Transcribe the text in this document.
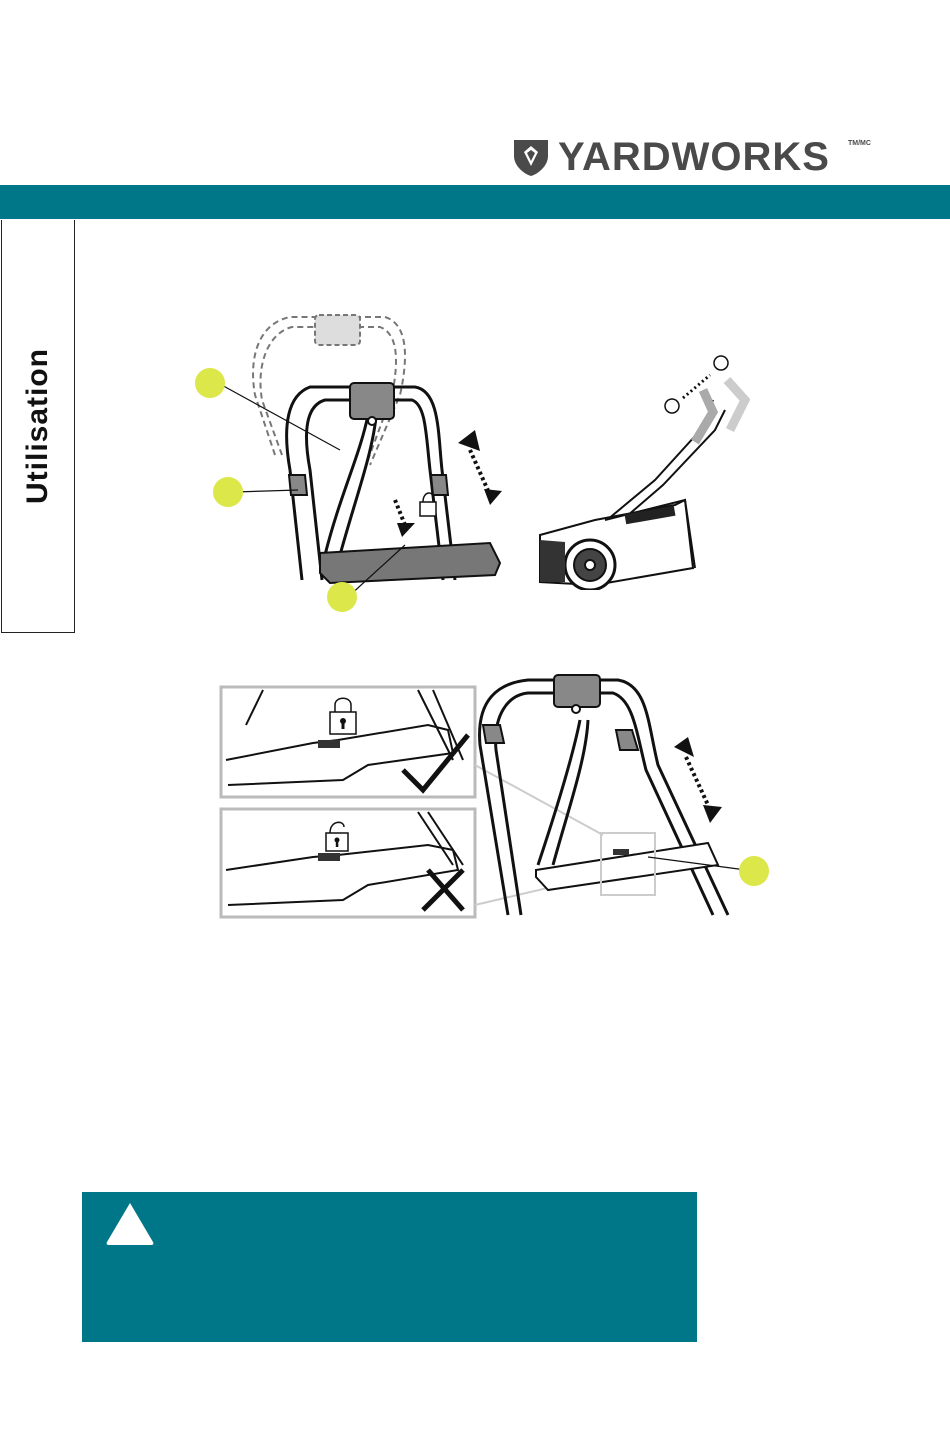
YARDWORKS	TM/MC
Utilisation
